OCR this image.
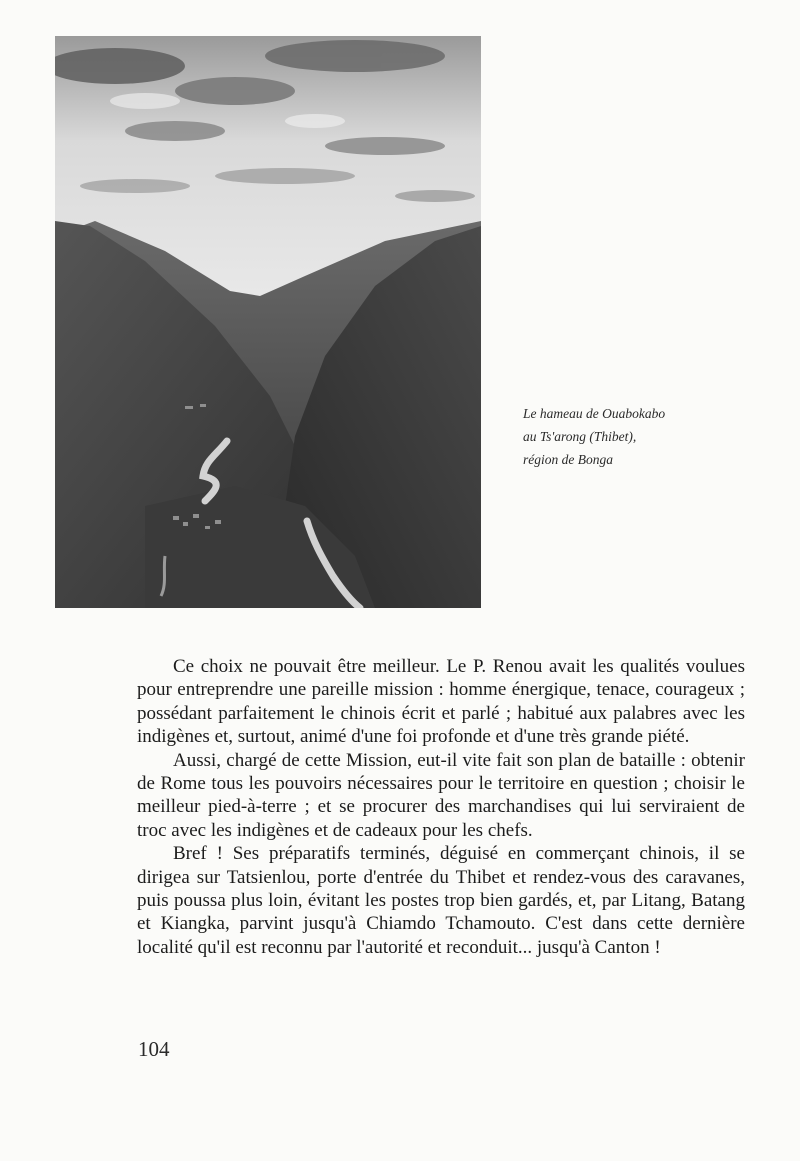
Le hameau de Ouabokabo
au Ts'arong (Thibet),
région de Bonga

Ce choix ne pouvait être meilleur. Le P. Renou avait les qualités voulues pour entreprendre une pareille mission : homme énergique, tenace, courageux ; possédant parfaitement le chinois écrit et parlé ; habitué aux palabres avec les indigènes et, surtout, animé d'une foi profonde et d'une très grande piété.

Aussi, chargé de cette Mission, eut-il vite fait son plan de bataille : obtenir de Rome tous les pouvoirs nécessaires pour le territoire en question ; choisir le meilleur pied-à-terre ; et se procurer des marchandises qui lui serviraient de troc avec les indigènes et de cadeaux pour les chefs.

Bref ! Ses préparatifs terminés, déguisé en commerçant chinois, il se dirigea sur Tatsienlou, porte d'entrée du Thibet et rendez-vous des caravanes, puis poussa plus loin, évitant les postes trop bien gardés, et, par Litang, Batang et Kiangka, parvint jusqu'à Chiamdo Tchamouto. C'est dans cette dernière localité qu'il est reconnu par l'autorité et reconduit... jusqu'à Canton !

104
